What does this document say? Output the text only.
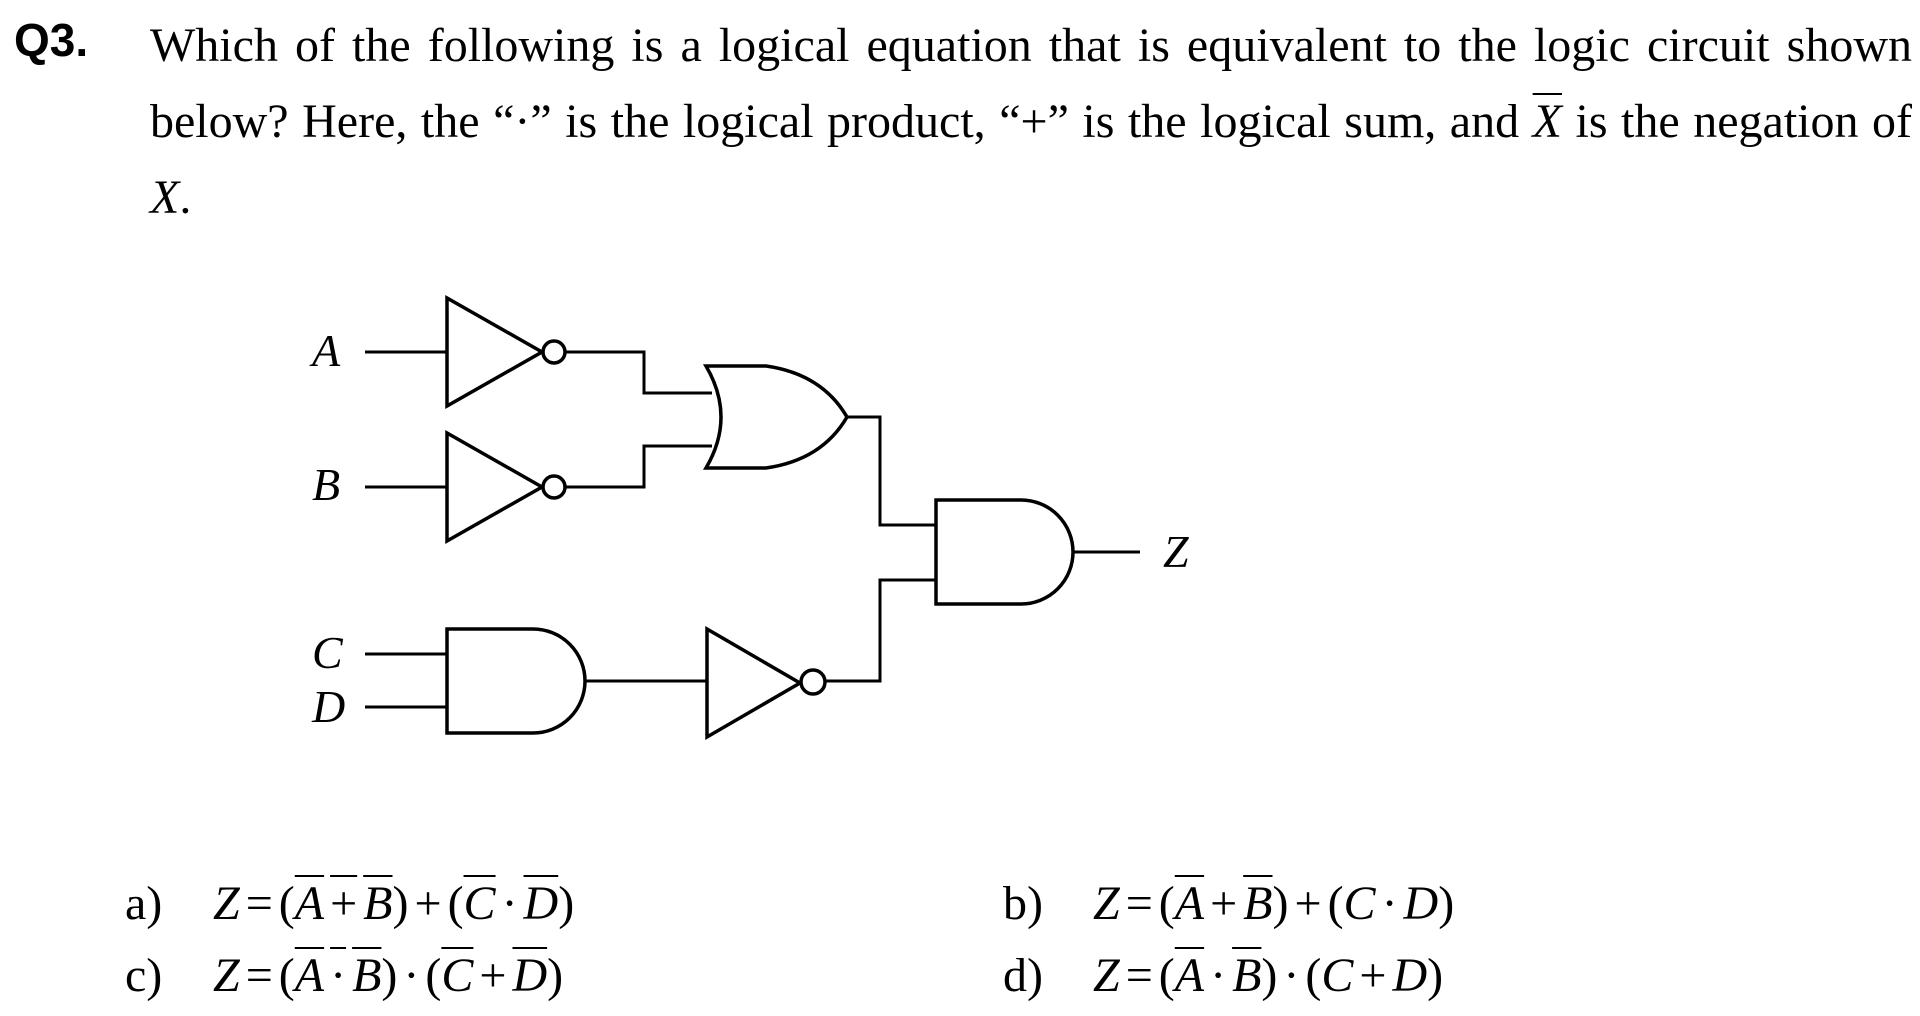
Q3. Which of the following is a logical equation that is equivalent to the logic circuit shown below? Here, the “·” is the logical product, “+” is the logical sum, and $\overline{X}$ is the negation of X.
A
B
C
D
Z
a) $Z = (A + B) + (\overline{C} \cdot \overline{D})$	b) $Z = (\overline{A} + \overline{B}) + (C \cdot D)$
c) $Z = (A \cdot B) \cdot (\overline{C} + \overline{D})$	d) $Z = (\overline{A} \cdot \overline{B}) \cdot (C + D)$
